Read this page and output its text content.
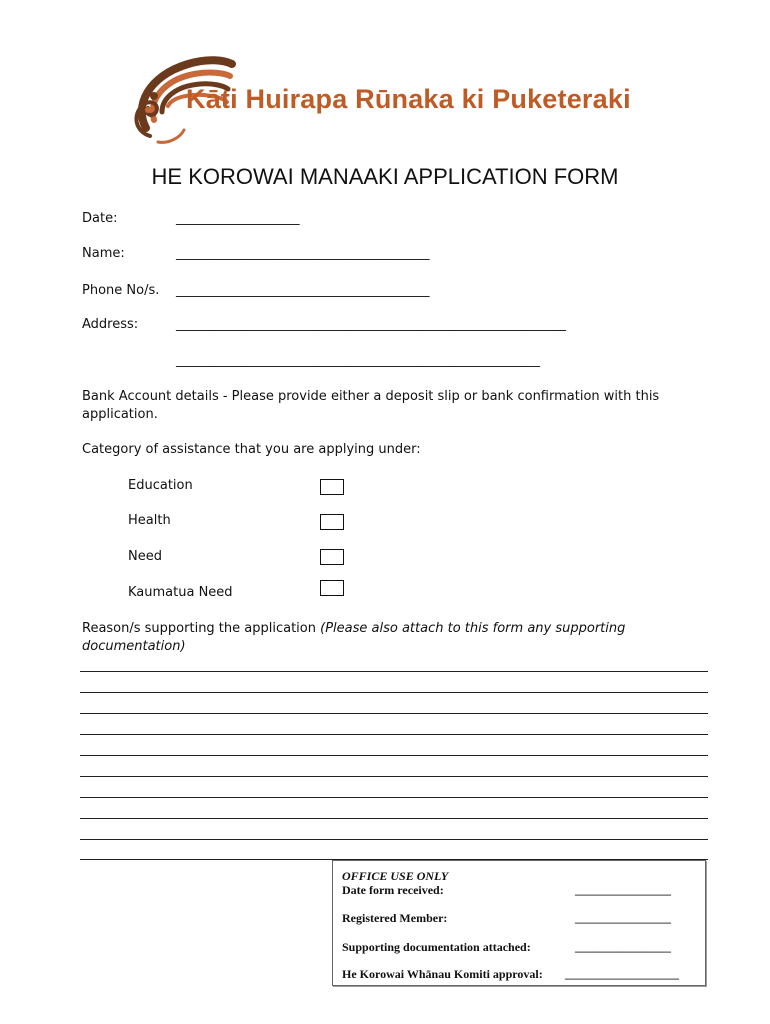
Kāti Huirapa Rūnaka ki Puketeraki
HE KOROWAI MANAAKI APPLICATION FORM
Date:	___________________
Name:	_______________________________________
Phone No/s. _______________________________________
Address:	____________________________________________________________
________________________________________________________
Bank Account details - Please provide either a deposit slip or bank confirmation with this application.
Category of assistance that you are applying under:
Education
Health
Need
Kaumatua Need
Reason/s supporting the application (Please also attach to this form any supporting documentation)
OFFICE USE ONLY
Date form received:	________________
Registered Member:	________________
Supporting documentation attached:	________________
He Korowai Whānau Komiti approval: ___________________
